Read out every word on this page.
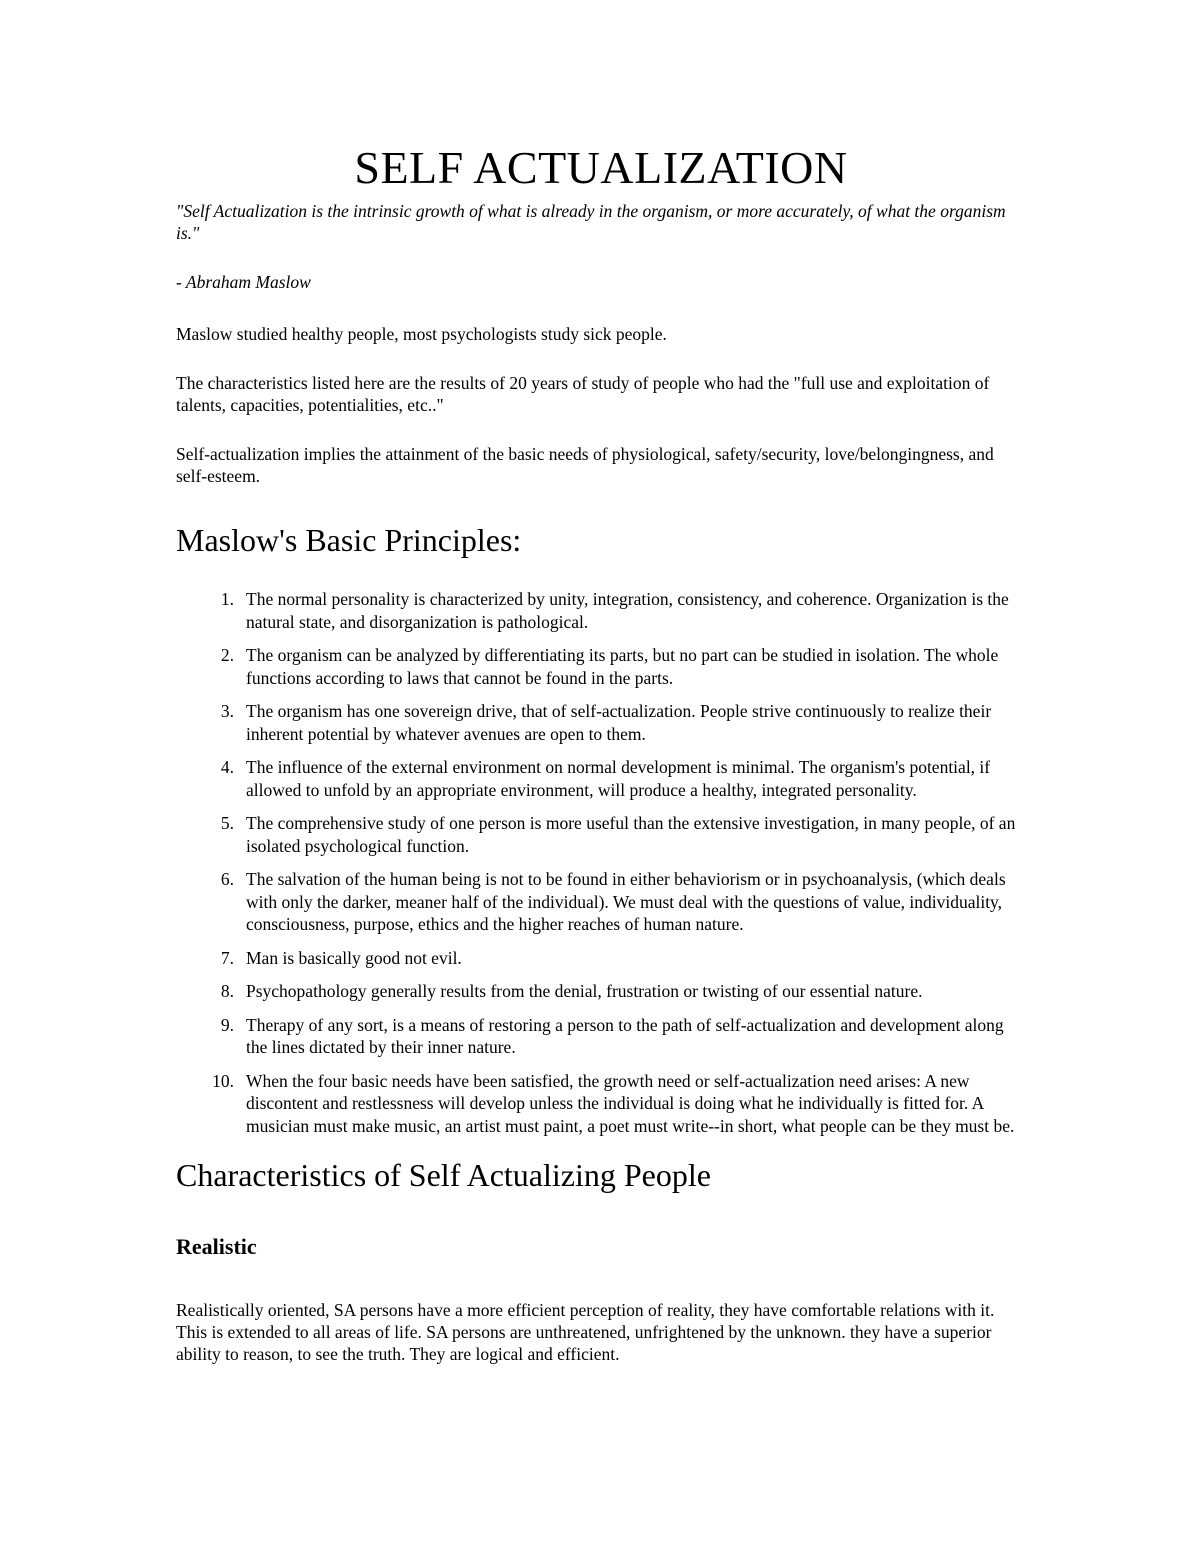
SELF ACTUALIZATION

"Self Actualization is the intrinsic growth of what is already in the organism, or more accurately, of what the organism is."

- Abraham Maslow

Maslow studied healthy people, most psychologists study sick people.

The characteristics listed here are the results of 20 years of study of people who had the "full use and exploitation of talents, capacities, potentialities, etc.."

Self-actualization implies the attainment of the basic needs of physiological, safety/security, love/belongingness, and self-esteem.

Maslow's Basic Principles:
1. The normal personality is characterized by unity, integration, consistency, and coherence. Organization is the natural state, and disorganization is pathological.
2. The organism can be analyzed by differentiating its parts, but no part can be studied in isolation. The whole functions according to laws that cannot be found in the parts.
3. The organism has one sovereign drive, that of self-actualization. People strive continuously to realize their inherent potential by whatever avenues are open to them.
4. The influence of the external environment on normal development is minimal. The organism's potential, if allowed to unfold by an appropriate environment, will produce a healthy, integrated personality.
5. The comprehensive study of one person is more useful than the extensive investigation, in many people, of an isolated psychological function.
6. The salvation of the human being is not to be found in either behaviorism or in psychoanalysis, (which deals with only the darker, meaner half of the individual). We must deal with the questions of value, individuality, consciousness, purpose, ethics and the higher reaches of human nature.
7. Man is basically good not evil.
8. Psychopathology generally results from the denial, frustration or twisting of our essential nature.
9. Therapy of any sort, is a means of restoring a person to the path of self-actualization and development along the lines dictated by their inner nature.
10. When the four basic needs have been satisfied, the growth need or self-actualization need arises: A new discontent and restlessness will develop unless the individual is doing what he individually is fitted for. A musician must make music, an artist must paint, a poet must write--in short, what people can be they must be.
Characteristics of Self Actualizing People
Realistic

Realistically oriented, SA persons have a more efficient perception of reality, they have comfortable relations with it. This is extended to all areas of life. SA persons are unthreatened, unfrightened by the unknown. they have a superior ability to reason, to see the truth. They are logical and efficient.
